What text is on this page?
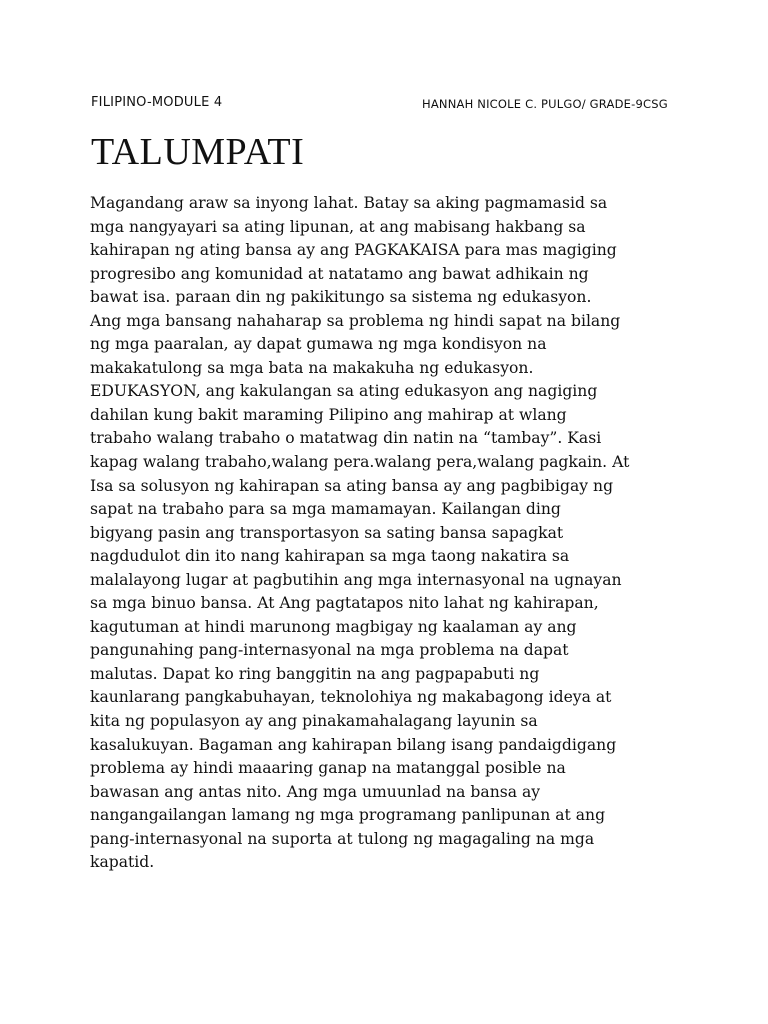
FILIPINO-MODULE 4	HANNAH NICOLE C. PULGO/ GRADE-9CSG
TALUMPATI
Magandang araw sa inyong lahat. Batay sa aking pagmamasid sa
mga nangyayari sa ating lipunan, at ang mabisang hakbang sa
kahirapan ng ating bansa ay ang PAGKAKAISA para mas magiging
progresibo ang komunidad at natatamo ang bawat adhikain ng
bawat isa. paraan din ng pakikitungo sa sistema ng edukasyon.
Ang mga bansang nahaharap sa problema ng hindi sapat na bilang
ng mga paaralan, ay dapat gumawa ng mga kondisyon na
makakatulong sa mga bata na makakuha ng edukasyon.
EDUKASYON, ang kakulangan sa ating edukasyon ang nagiging
dahilan kung bakit maraming Pilipino ang mahirap at wlang
trabaho walang trabaho o matatwag din natin na “tambay”. Kasi
kapag walang trabaho,walang pera.walang pera,walang pagkain. At
Isa sa solusyon ng kahirapan sa ating bansa ay ang pagbibigay ng
sapat na trabaho para sa mga mamamayan. Kailangan ding
bigyang pasin ang transportasyon sa sating bansa sapagkat
nagdudulot din ito nang kahirapan sa mga taong nakatira sa
malalayong lugar at pagbutihin ang mga internasyonal na ugnayan
sa mga binuo bansa. At Ang pagtatapos nito lahat ng kahirapan,
kagutuman at hindi marunong magbigay ng kaalaman ay ang
pangunahing pang-internasyonal na mga problema na dapat
malutas. Dapat ko ring banggitin na ang pagpapabuti ng
kaunlarang pangkabuhayan, teknolohiya ng makabagong ideya at
kita ng populasyon ay ang pinakamahalagang layunin sa
kasalukuyan. Bagaman ang kahirapan bilang isang pandaigdigang
problema ay hindi maaaring ganap na matanggal posible na
bawasan ang antas nito. Ang mga umuunlad na bansa ay
nangangailangan lamang ng mga programang panlipunan at ang
pang-internasyonal na suporta at tulong ng magagaling na mga
kapatid.
